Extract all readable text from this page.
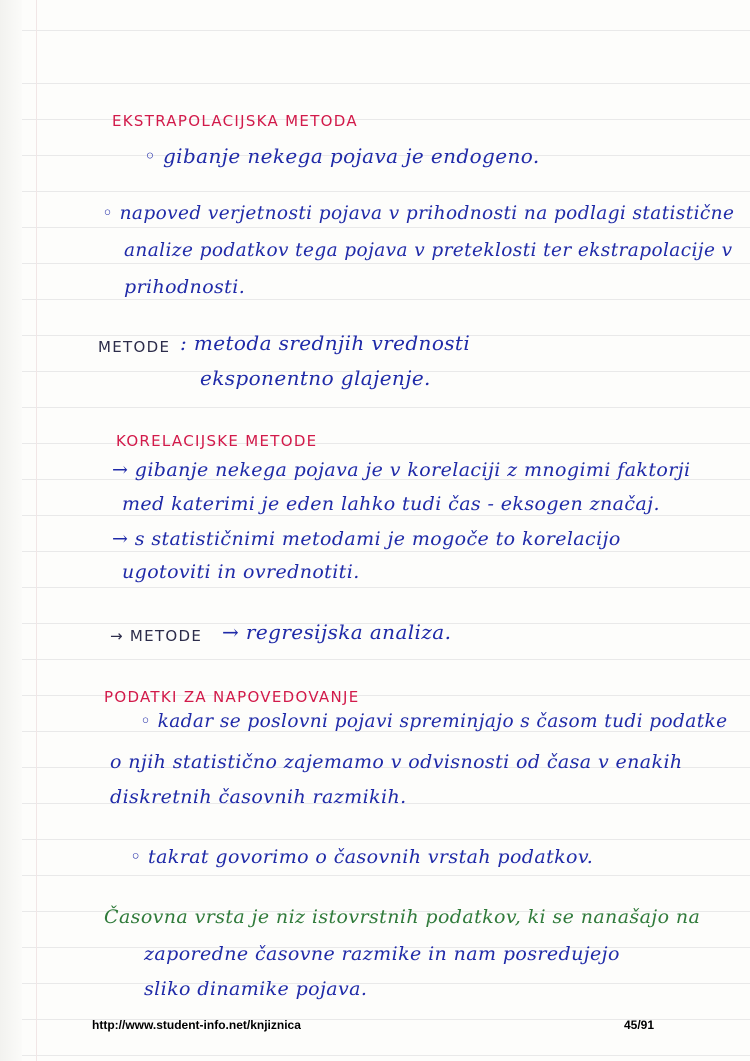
EKSTRAPOLACIJSKA METODA
◦ gibanje nekega pojava je endogeno.
◦ napoved verjetnosti pojava v prihodnosti na podlagi statistične
analize podatkov tega pojava v preteklosti ter ekstrapolacije v
prihodnosti.
METODE : metoda srednjih vrednosti
eksponentno glajenje.
KORELACIJSKE METODE
→ gibanje nekega pojava je v korelaciji z mnogimi faktorji
med katerimi je eden lahko tudi čas - eksogen značaj.
→ s statističnimi metodami je mogoče to korelacijo
ugotoviti in ovrednotiti.
→ METODE → regresijska analiza.
PODATKI ZA NAPOVEDOVANJE
◦ kadar se poslovni pojavi spreminjajo s časom tudi podatke
o njih statistično zajemamo v odvisnosti od časa v enakih
diskretnih časovnih razmikih.
◦ takrat govorimo o časovnih vrstah podatkov.
Časovna vrsta je niz istovrstnih podatkov, ki se nanašajo na
zaporedne časovne razmike in nam posredujejo
sliko dinamike pojava.
http://www.student-info.net/knjiznica	45/91
